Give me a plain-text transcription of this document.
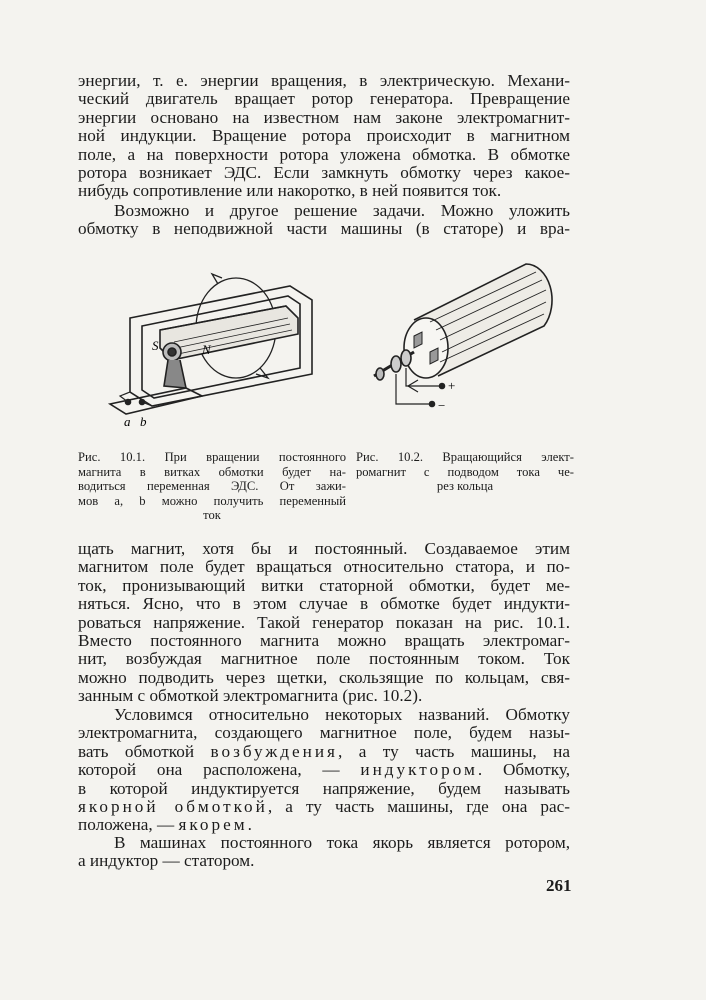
энергии, т. е. энергии вращения, в электрическую. Механи-
ческий двигатель вращает ротор генератора. Превращение
энергии основано на известном нам законе электромагнит-
ной индукции. Вращение ротора происходит в магнитном
поле, а на поверхности ротора уложена обмотка. В обмотке
ротора возникает ЭДС. Если замкнуть обмотку через какое-
нибудь сопротивление или накоротко, в ней появится ток.

Возможно и другое решение задачи. Можно уложить
обмотку в неподвижной части машины (в статоре) и вра-

S	N
a b
+
−

Рис. 10.1. При вращении постоянного
магнита в витках обмотки будет на-
водиться переменная ЭДС. От зажи-
мов a, b можно получить переменный
ток

Рис. 10.2. Вращающийся элект-
ромагнит с подводом тока че-
рез кольца

щать магнит, хотя бы и постоянный. Создаваемое этим
магнитом поле будет вращаться относительно статора, и по-
ток, пронизывающий витки статорной обмотки, будет ме-
няться. Ясно, что в этом случае в обмотке будет индукти-
роваться напряжение. Такой генератор показан на рис. 10.1.
Вместо постоянного магнита можно вращать электромаг-
нит, возбуждая магнитное поле постоянным током. Ток
можно подводить через щетки, скользящие по кольцам, свя-
занным с обмоткой электромагнита (рис. 10.2).

Условимся относительно некоторых названий. Обмотку
электромагнита, создающего магнитное поле, будем назы-
вать обмоткой возбуждения, а ту часть машины, на
которой она расположена, — индуктором. Обмотку,
в которой индуктируется напряжение, будем называть
якорной обмоткой, а ту часть машины, где она рас-
положена, — якорем.

В машинах постоянного тока якорь является ротором,
а индуктор — статором.

261
